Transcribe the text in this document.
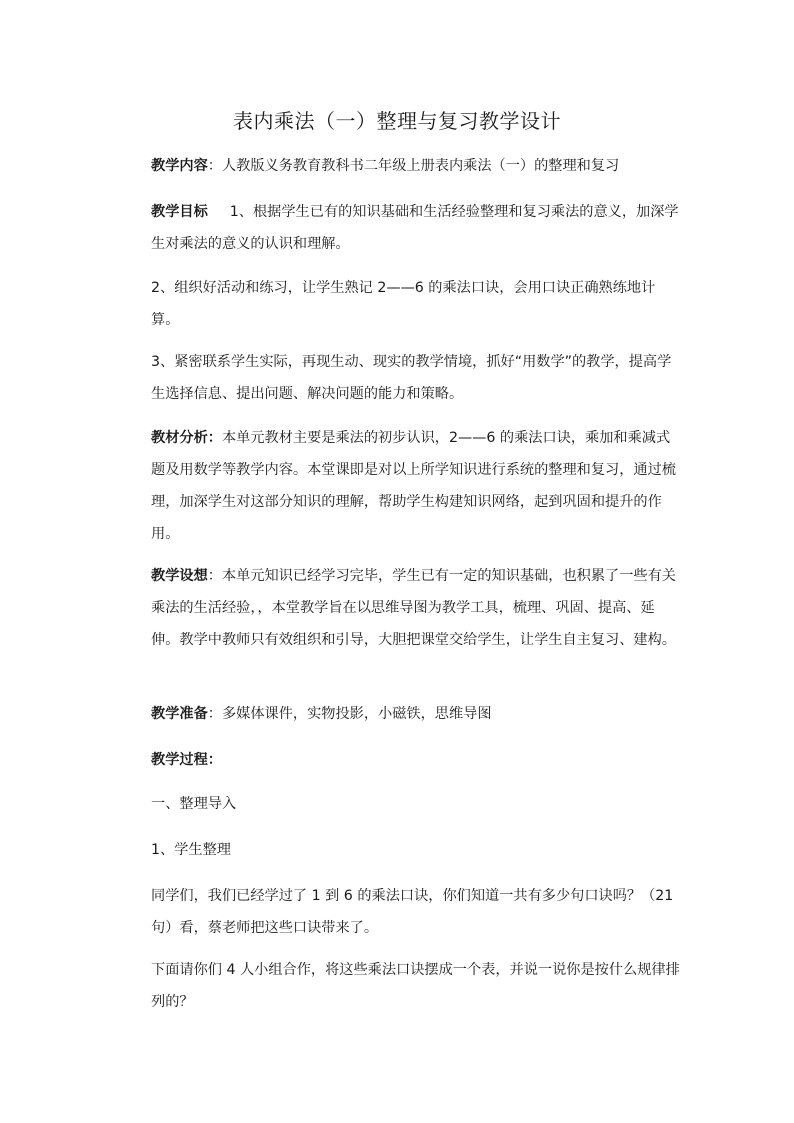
表内乘法（一）整理与复习教学设计

教学内容：人教版义务教育教科书二年级上册表内乘法（一）的整理和复习

教学目标 1、根据学生已有的知识基础和生活经验整理和复习乘法的意义，加深学生对乘法的意义的认识和理解。

2、组织好活动和练习，让学生熟记 2——6 的乘法口诀，会用口诀正确熟练地计算。

3、紧密联系学生实际，再现生动、现实的教学情境，抓好“用数学”的教学，提高学生选择信息、提出问题、解决问题的能力和策略。

教材分析：本单元教材主要是乘法的初步认识，2——6 的乘法口诀，乘加和乘减式题及用数学等教学内容。本堂课即是对以上所学知识进行系统的整理和复习，通过梳理，加深学生对这部分知识的理解，帮助学生构建知识网络，起到巩固和提升的作用。

教学设想：本单元知识已经学习完毕，学生已有一定的知识基础，也积累了一些有关乘法的生活经验，，本堂教学旨在以思维导图为教学工具，梳理、巩固、提高、延伸。教学中教师只有效组织和引导，大胆把课堂交给学生，让学生自主复习、建构。

教学准备：多媒体课件，实物投影，小磁铁，思维导图

教学过程：

一、整理导入

1、学生整理

同学们，我们已经学过了 1 到 6 的乘法口诀，你们知道一共有多少句口诀吗？（21 句）看，蔡老师把这些口诀带来了。

下面请你们 4 人小组合作，将这些乘法口诀摆成一个表，并说一说你是按什么规律排列的？
